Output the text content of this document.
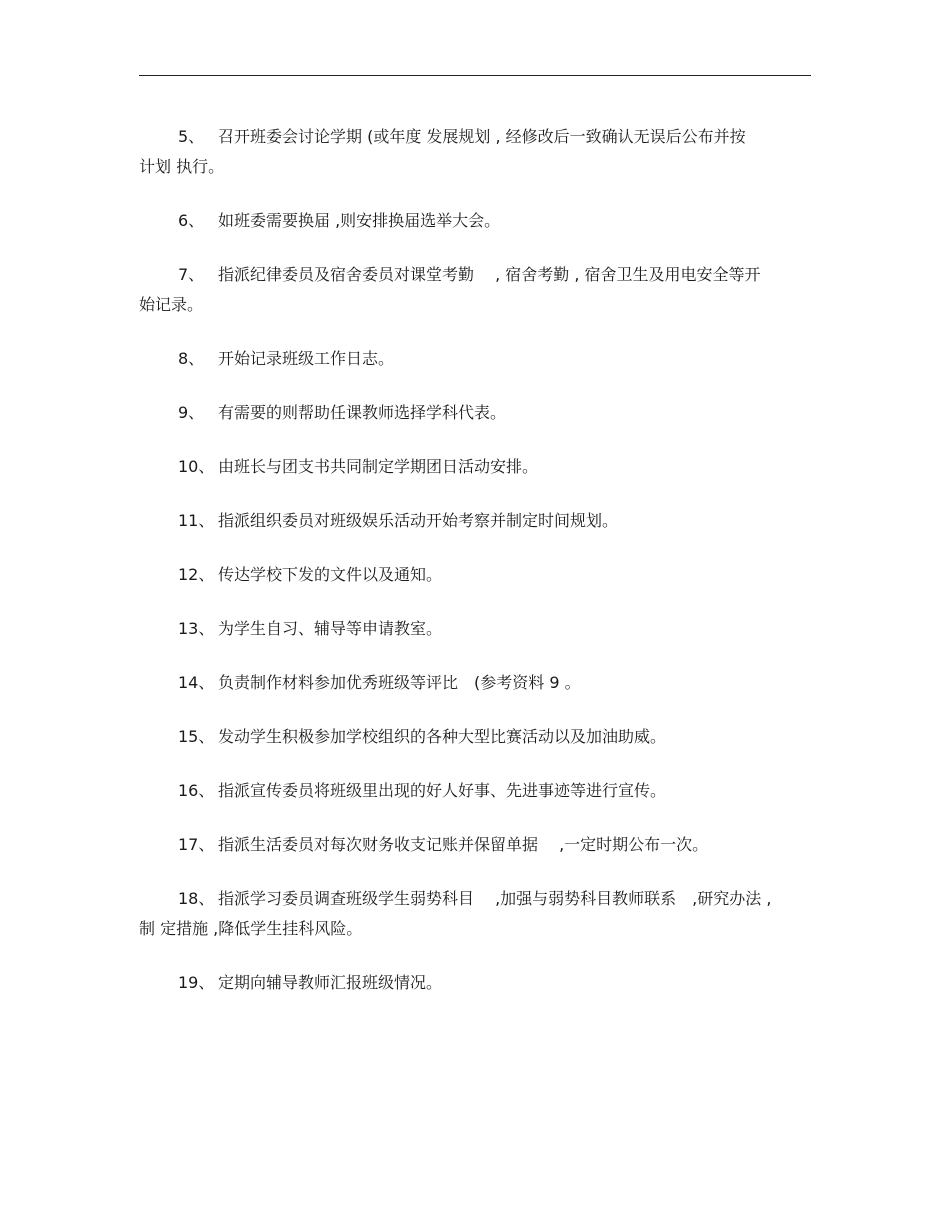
5、 召开班委会讨论学期 (或年度 发展规划 , 经修改后一致确认无误后公布并按
计划 执行。
6、 如班委需要换届 ,则安排换届选举大会。
7、 指派纪律委员及宿舍委员对课堂考勤　 , 宿舍考勤 , 宿舍卫生及用电安全等开
始记录。
8、 开始记录班级工作日志。
9、 有需要的则帮助任课教师选择学科代表。
10、 由班长与团支书共同制定学期团日活动安排。
11、 指派组织委员对班级娱乐活动开始考察并制定时间规划。
12、 传达学校下发的文件以及通知。
13、 为学生自习、辅导等申请教室。
14、 负责制作材料参加优秀班级等评比　(参考资料 9 。
15、 发动学生积极参加学校组织的各种大型比赛活动以及加油助威。
16、 指派宣传委员将班级里出现的好人好事、先进事迹等进行宣传。
17、 指派生活委员对每次财务收支记账并保留单据　 ,一定时期公布一次。
18、 指派学习委员调查班级学生弱势科目　 ,加强与弱势科目教师联系　,研究办法 ,
制 定措施 ,降低学生挂科风险。
19、 定期向辅导教师汇报班级情况。
